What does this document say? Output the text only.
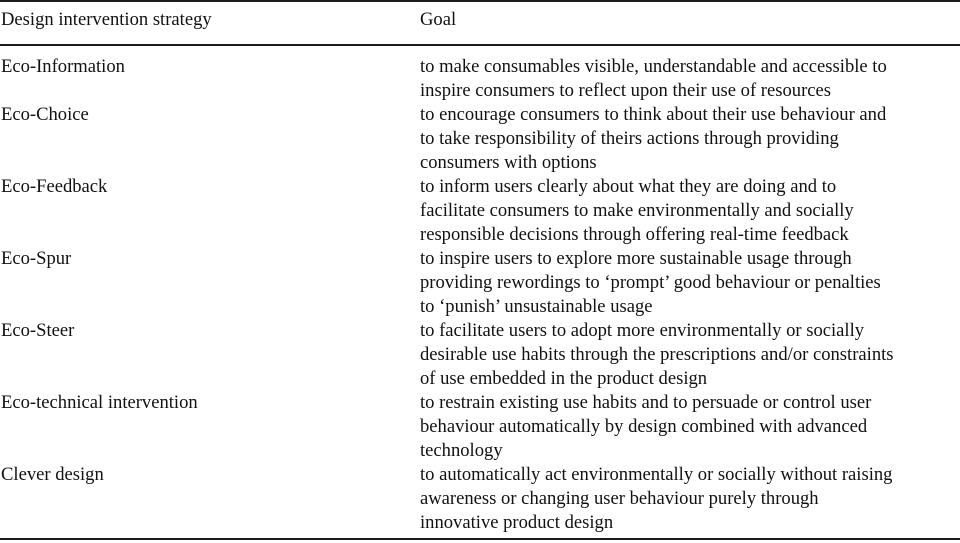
Design intervention strategy	Goal
Eco-Information	to make consumables visible, understandable and accessible to
inspire consumers to reflect upon their use of resources
Eco-Choice	to encourage consumers to think about their use behaviour and
to take responsibility of theirs actions through providing
consumers with options
Eco-Feedback	to inform users clearly about what they are doing and to
facilitate consumers to make environmentally and socially
responsible decisions through offering real-time feedback
Eco-Spur	to inspire users to explore more sustainable usage through
providing rewordings to ‘prompt’ good behaviour or penalties
to ‘punish’ unsustainable usage
Eco-Steer	to facilitate users to adopt more environmentally or socially
desirable use habits through the prescriptions and/or constraints
of use embedded in the product design
Eco-technical intervention	to restrain existing use habits and to persuade or control user
behaviour automatically by design combined with advanced
technology
Clever design	to automatically act environmentally or socially without raising
awareness or changing user behaviour purely through
innovative product design
